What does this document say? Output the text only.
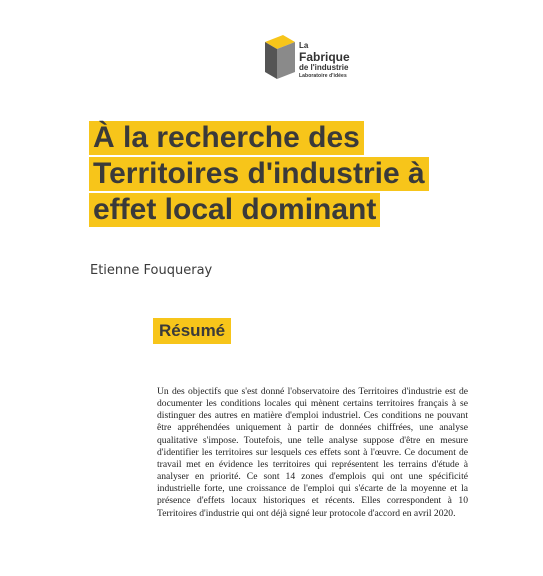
La
Fabrique
de l'industrie
Laboratoire d'idées
À la recherche des
Territoires d'industrie à
effet local dominant
Etienne Fouqueray
Résumé

Un des objectifs que s'est donné l'observatoire des Territoires d'industrie est de documenter les conditions locales qui mènent certains territoires français à se distinguer des autres en matière d'emploi industriel. Ces conditions ne pouvant être appréhendées uniquement à partir de données chiffrées, une analyse qualitative s'impose. Toutefois, une telle analyse suppose d'être en mesure d'identifier les territoires sur lesquels ces effets sont à l'œuvre. Ce document de travail met en évidence les territoires qui représentent les terrains d'étude à analyser en priorité. Ce sont 14 zones d'emplois qui ont une spécificité industrielle forte, une croissance de l'emploi qui s'écarte de la moyenne et la présence d'effets locaux historiques et récents. Elles correspondent à 10 Territoires d'industrie qui ont déjà signé leur protocole d'accord en avril 2020.
